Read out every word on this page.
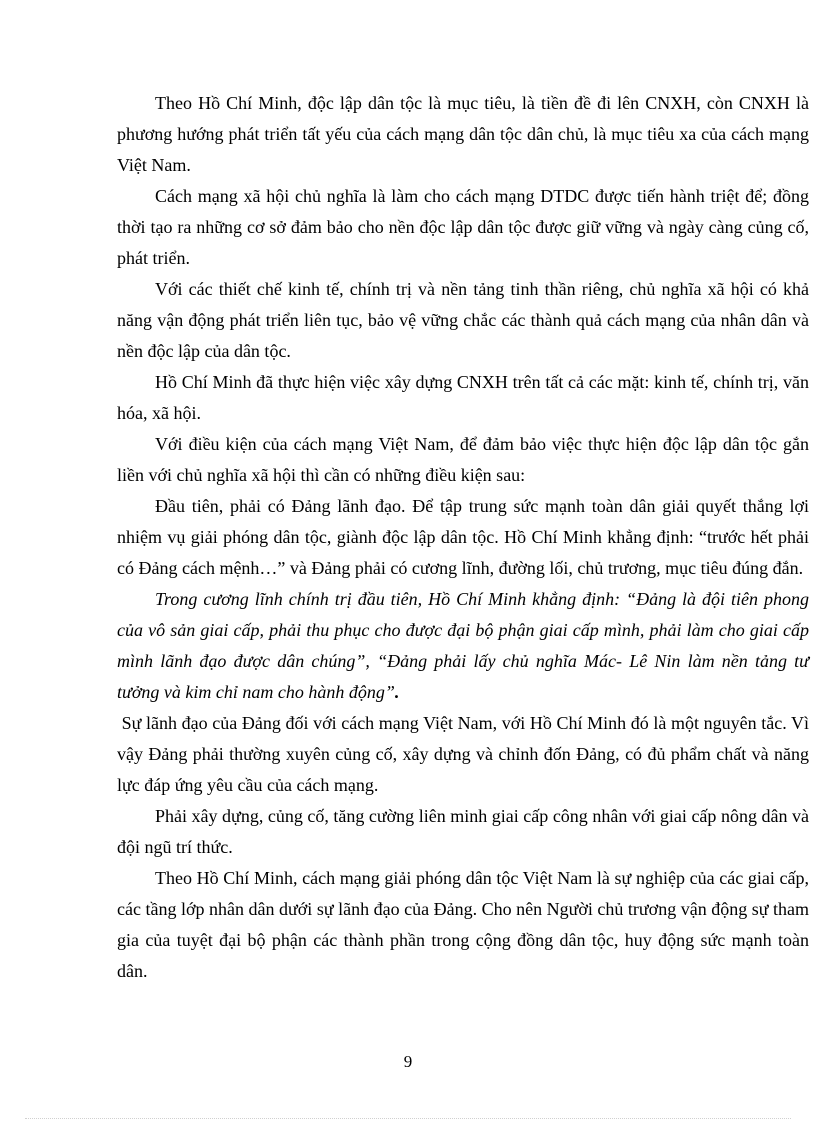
Theo Hồ Chí Minh, độc lập dân tộc là mục tiêu, là tiền đề đi lên CNXH, còn CNXH là phương hướng phát triển tất yếu của cách mạng dân tộc dân chủ, là mục tiêu xa của cách mạng Việt Nam.

Cách mạng xã hội chủ nghĩa là làm cho cách mạng DTDC được tiến hành triệt để; đồng thời tạo ra những cơ sở đảm bảo cho nền độc lập dân tộc được giữ vững và ngày càng củng cố, phát triển.

Với các thiết chế kinh tế, chính trị và nền tảng tinh thần riêng, chủ nghĩa xã hội có khả năng vận động phát triển liên tục, bảo vệ vững chắc các thành quả cách mạng của nhân dân và nền độc lập của dân tộc.

Hồ Chí Minh đã thực hiện việc xây dựng CNXH trên tất cả các mặt: kinh tế, chính trị, văn hóa, xã hội.

Với điều kiện của cách mạng Việt Nam, để đảm bảo việc thực hiện độc lập dân tộc gắn liền với chủ nghĩa xã hội thì cần có những điều kiện sau:

Đầu tiên, phải có Đảng lãnh đạo. Để tập trung sức mạnh toàn dân giải quyết thắng lợi nhiệm vụ giải phóng dân tộc, giành độc lập dân tộc. Hồ Chí Minh khẳng định: “trước hết phải có Đảng cách mệnh…” và Đảng phải có cương lĩnh, đường lối, chủ trương, mục tiêu đúng đắn.

Trong cương lĩnh chính trị đầu tiên, Hồ Chí Minh khẳng định: “Đảng là đội tiên phong của vô sản giai cấp, phải thu phục cho được đại bộ phận giai cấp mình, phải làm cho giai cấp mình lãnh đạo được dân chúng”, “Đảng phải lấy chủ nghĩa Mác- Lê Nin làm nền tảng tư tưởng và kim chỉ nam cho hành động”.

Sự lãnh đạo của Đảng đối với cách mạng Việt Nam, với Hồ Chí Minh đó là một nguyên tắc. Vì vậy Đảng phải thường xuyên củng cố, xây dựng và chỉnh đốn Đảng, có đủ phẩm chất và năng lực đáp ứng yêu cầu của cách mạng.

Phải xây dựng, củng cố, tăng cường liên minh giai cấp công nhân với giai cấp nông dân và đội ngũ trí thức.

Theo Hồ Chí Minh, cách mạng giải phóng dân tộc Việt Nam là sự nghiệp của các giai cấp, các tầng lớp nhân dân dưới sự lãnh đạo của Đảng. Cho nên Người chủ trương vận động sự tham gia của tuyệt đại bộ phận các thành phần trong cộng đồng dân tộc, huy động sức mạnh toàn dân.

9
